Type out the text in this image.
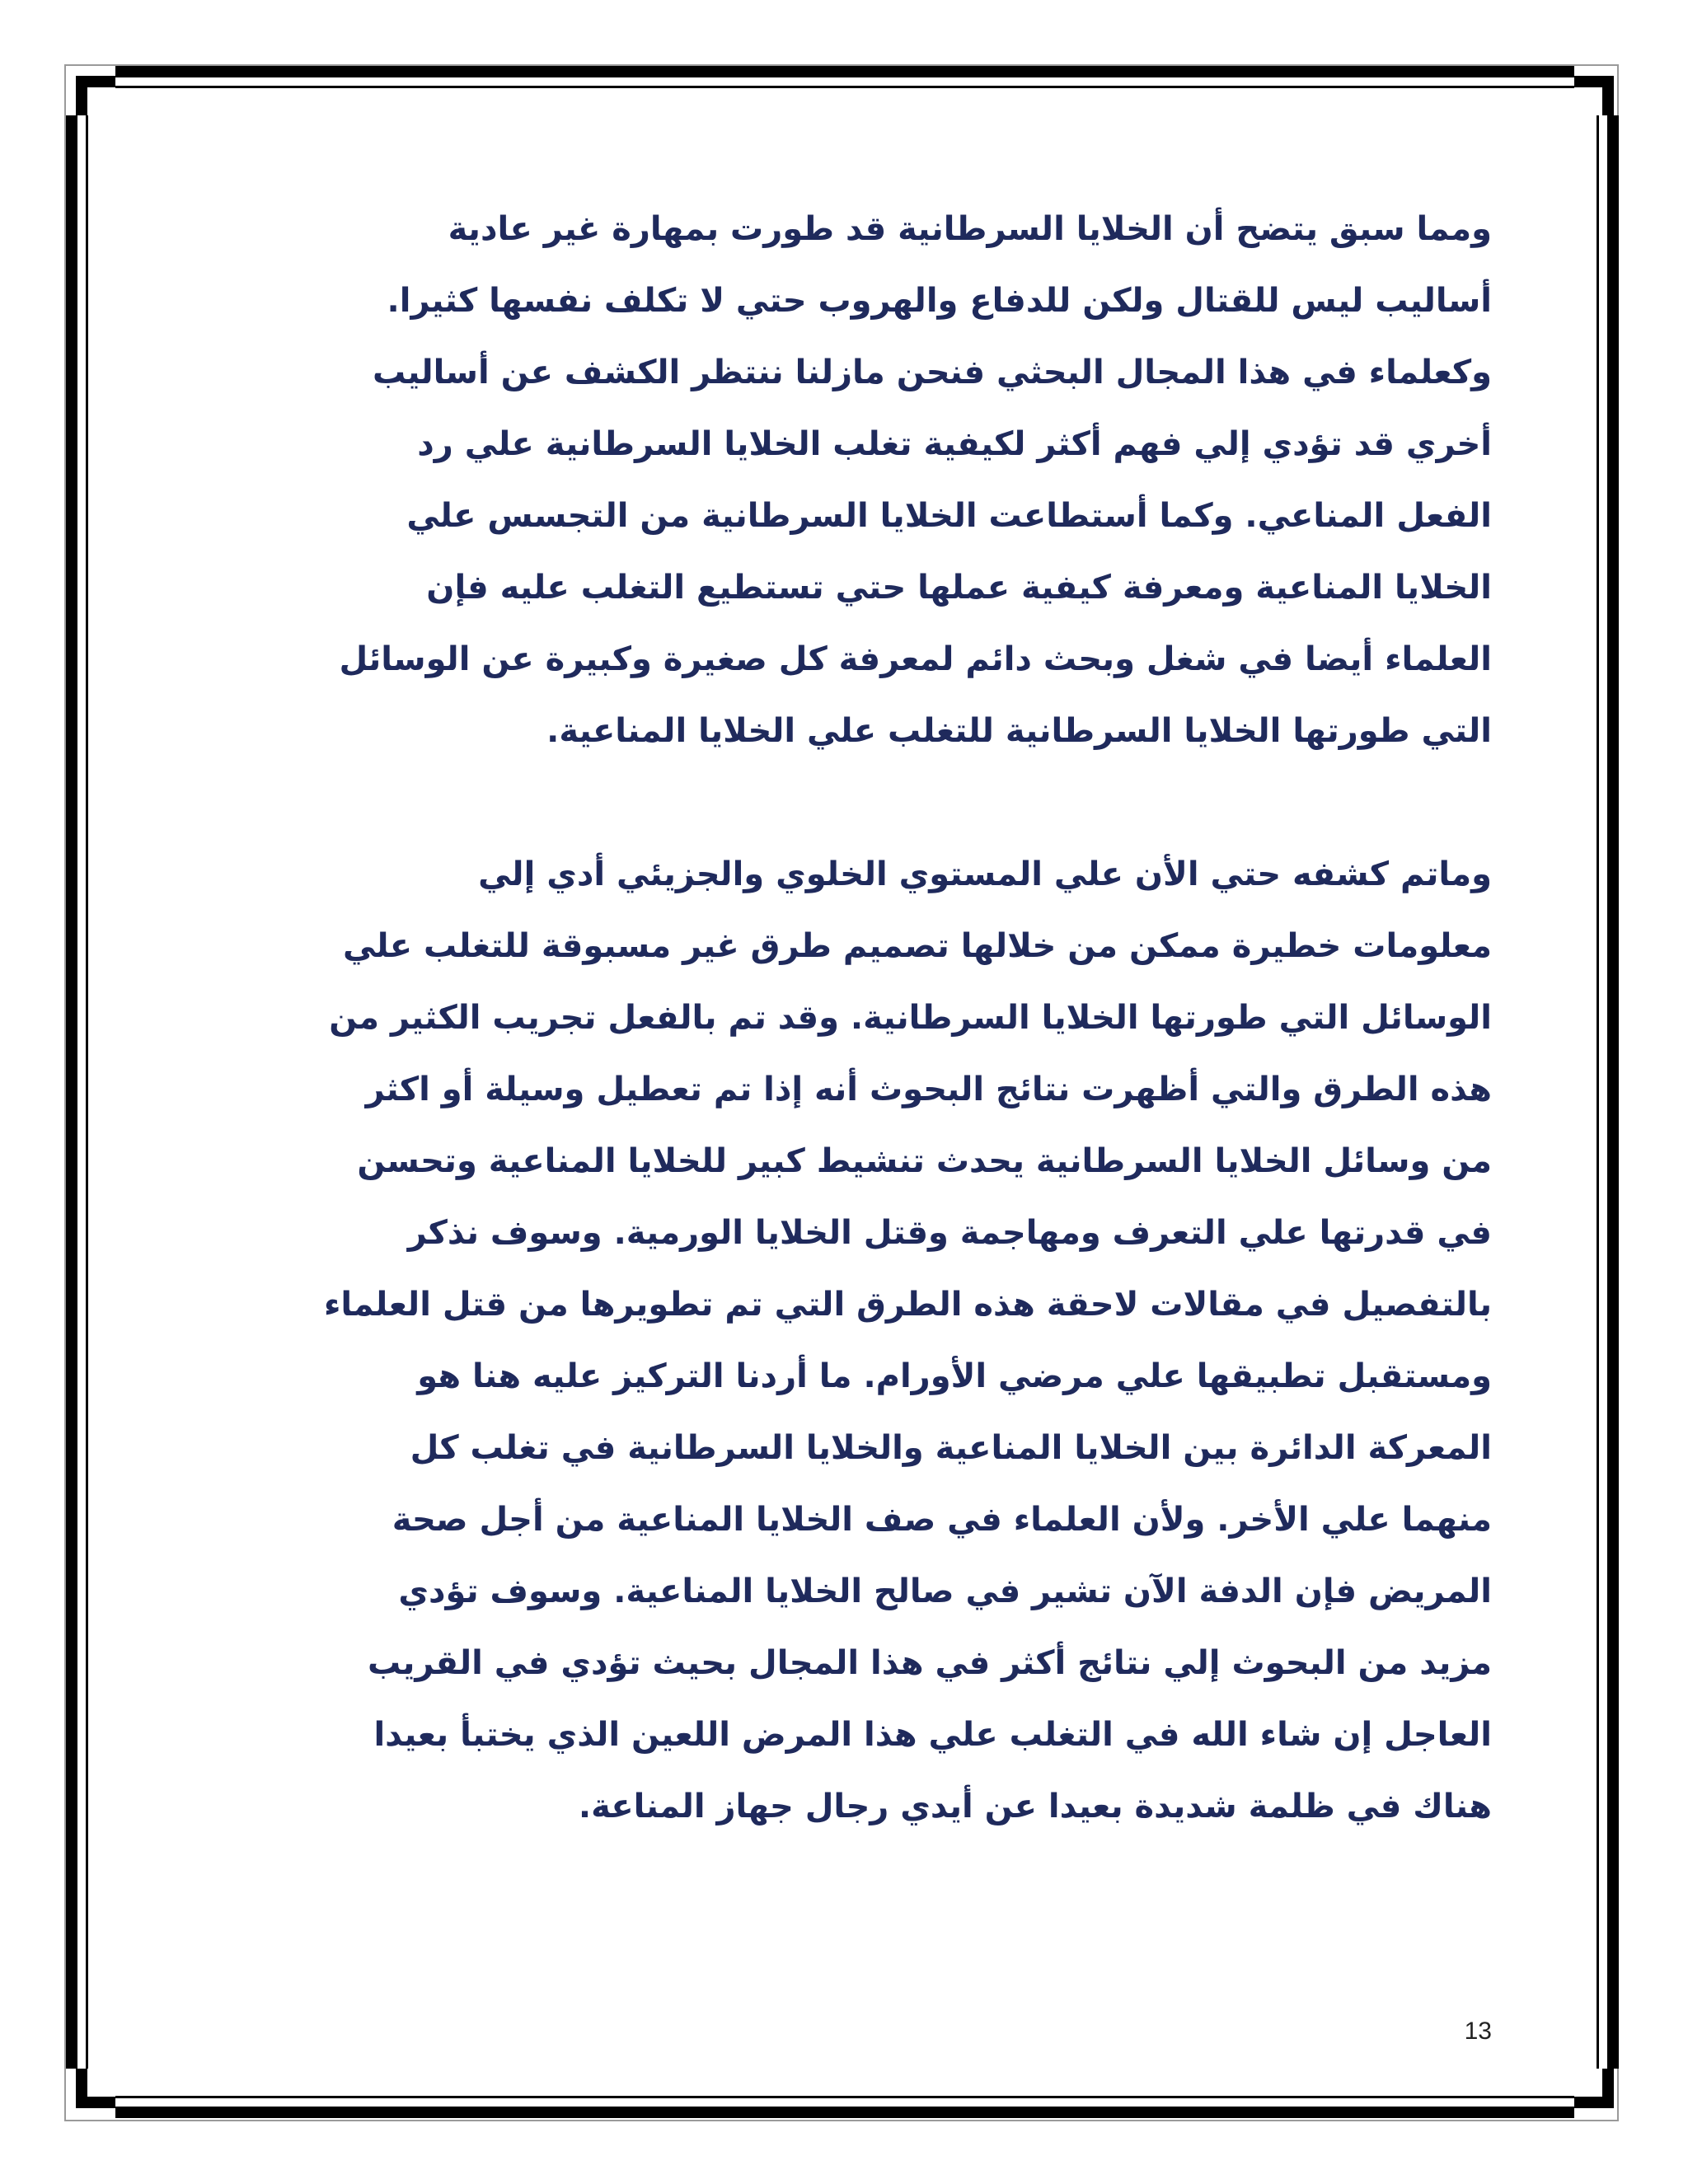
ومما سبق يتضح أن الخلايا السرطانية قد طورت بمهارة غير عادية
أساليب ليس للقتال ولكن للدفاع والهروب حتي لا تكلف نفسها كثيرا.
وكعلماء في هذا المجال البحثي فنحن مازلنا ننتظر الكشف عن أساليب
أخري قد تؤدي إلي فهم أكثر لكيفية تغلب الخلايا السرطانية علي رد
الفعل المناعي. وكما أستطاعت الخلايا السرطانية من التجسس علي
الخلايا المناعية ومعرفة كيفية عملها حتي تستطيع التغلب عليه فإن
العلماء أيضا في شغل وبحث دائم لمعرفة كل صغيرة وكبيرة عن الوسائل
التي طورتها الخلايا السرطانية للتغلب علي الخلايا المناعية.
وماتم كشفه حتي الأن علي المستوي الخلوي والجزيئي أدي إلي
معلومات خطيرة ممكن من خلالها تصميم طرق غير مسبوقة للتغلب علي
الوسائل التي طورتها الخلايا السرطانية. وقد تم بالفعل تجريب الكثير من
هذه الطرق والتي أظهرت نتائج البحوث أنه إذا تم تعطيل وسيلة أو اكثر
من وسائل الخلايا السرطانية يحدث تنشيط كبير للخلايا المناعية وتحسن
في قدرتها علي التعرف ومهاجمة وقتل الخلايا الورمية. وسوف نذكر
بالتفصيل في مقالات لاحقة هذه الطرق التي تم تطويرها من قتل العلماء
ومستقبل تطبيقها علي مرضي الأورام. ما أردنا التركيز عليه هنا هو
المعركة الدائرة بين الخلايا المناعية والخلايا السرطانية في تغلب كل
منهما علي الأخر. ولأن العلماء في صف الخلايا المناعية من أجل صحة
المريض فإن الدفة الآن تشير في صالح الخلايا المناعية. وسوف تؤدي
مزيد من البحوث إلي نتائج أكثر في هذا المجال بحيث تؤدي في القريب
العاجل إن شاء الله في التغلب علي هذا المرض اللعين الذي يختبأ بعيدا
هناك في ظلمة شديدة بعيدا عن أيدي رجال جهاز المناعة.
13
